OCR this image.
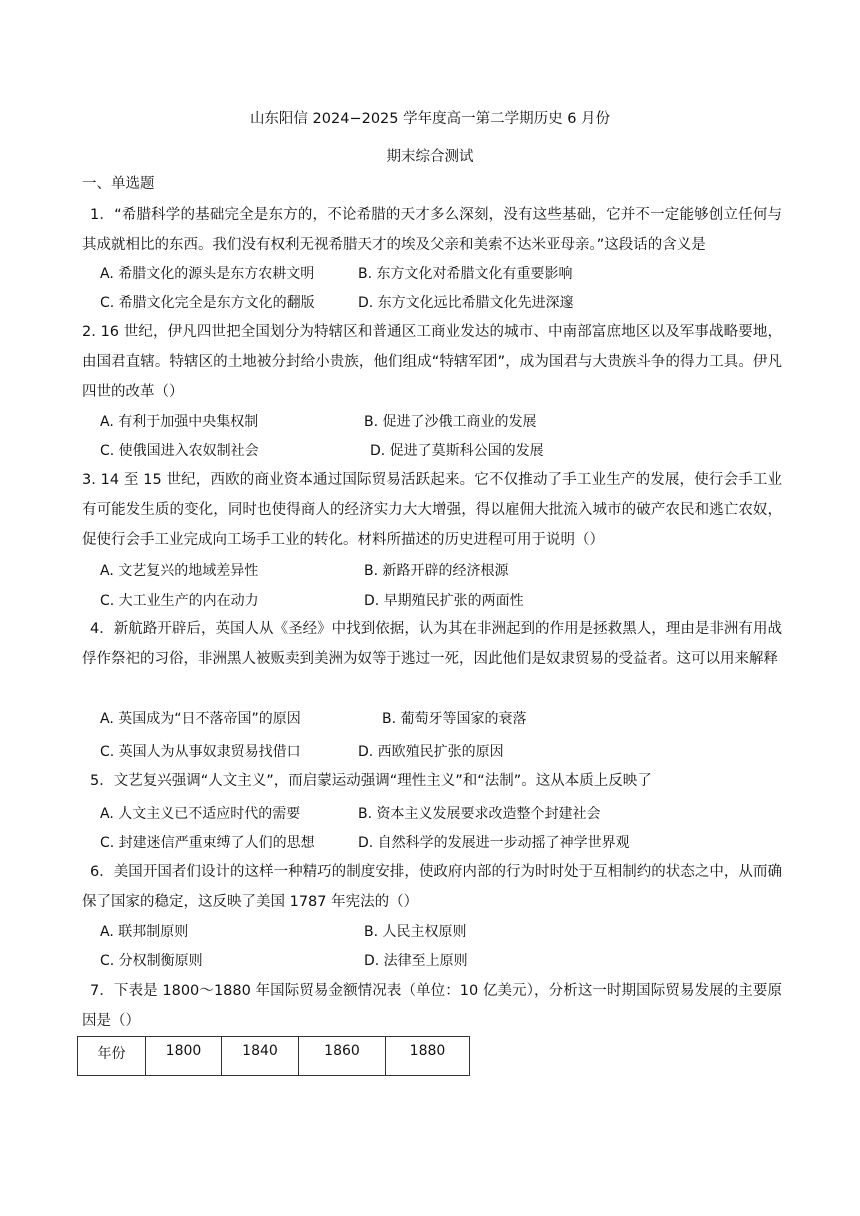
山东阳信 2024−2025 学年度高一第二学期历史 6 月份
期末综合测试
一、单选题
1．“希腊科学的基础完全是东方的，不论希腊的天才多么深刻，没有这些基础，它并不一定能够创立任何与其成就相比的东西。我们没有权利无视希腊天才的埃及父亲和美索不达米亚母亲。”这段话的含义是
A. 希腊文化的源头是东方农耕文明	B. 东方文化对希腊文化有重要影响
C. 希腊文化完全是东方文化的翻版	D. 东方文化远比希腊文化先进深邃
2. 16 世纪，伊凡四世把全国划分为特辖区和普通区工商业发达的城市、中南部富庶地区以及军事战略要地，由国君直辖。特辖区的土地被分封给小贵族，他们组成“特辖军团”，成为国君与大贵族斗争的得力工具。伊凡四世的改革（）
A. 有利于加强中央集权制	B. 促进了沙俄工商业的发展
C. 使俄国进入农奴制社会	D. 促进了莫斯科公国的发展
3. 14 至 15 世纪，西欧的商业资本通过国际贸易活跃起来。它不仅推动了手工业生产的发展，使行会手工业有可能发生质的变化，同时也使得商人的经济实力大大增强，得以雇佣大批流入城市的破产农民和逃亡农奴，促使行会手工业完成向工场手工业的转化。材料所描述的历史进程可用于说明（）
A. 文艺复兴的地域差异性	B. 新路开辟的经济根源
C. 大工业生产的内在动力	D. 早期殖民扩张的两面性
4．新航路开辟后，英国人从《圣经》中找到依据，认为其在非洲起到的作用是拯救黑人，理由是非洲有用战俘作祭祀的习俗，非洲黑人被贩卖到美洲为奴等于逃过一死，因此他们是奴隶贸易的受益者。这可以用来解释
A. 英国成为“日不落帝国”的原因	B. 葡萄牙等国家的衰落
C. 英国人为从事奴隶贸易找借口	D. 西欧殖民扩张的原因
5．文艺复兴强调“人文主义”，而启蒙运动强调“理性主义”和“法制”。这从本质上反映了
A. 人文主义已不适应时代的需要	B. 资本主义发展要求改造整个封建社会
C. 封建迷信严重束缚了人们的思想	D. 自然科学的发展进一步动摇了神学世界观
6．美国开国者们设计的这样一种精巧的制度安排，使政府内部的行为时时处于互相制约的状态之中，从而确保了国家的稳定，这反映了美国 1787 年宪法的（）
A. 联邦制原则	B. 人民主权原则
C. 分权制衡原则	D. 法律至上原则
7．下表是 1800～1880 年国际贸易金额情况表（单位：10 亿美元），分析这一时期国际贸易发展的主要原因是（）
年份	1800	1840	1860	1880
